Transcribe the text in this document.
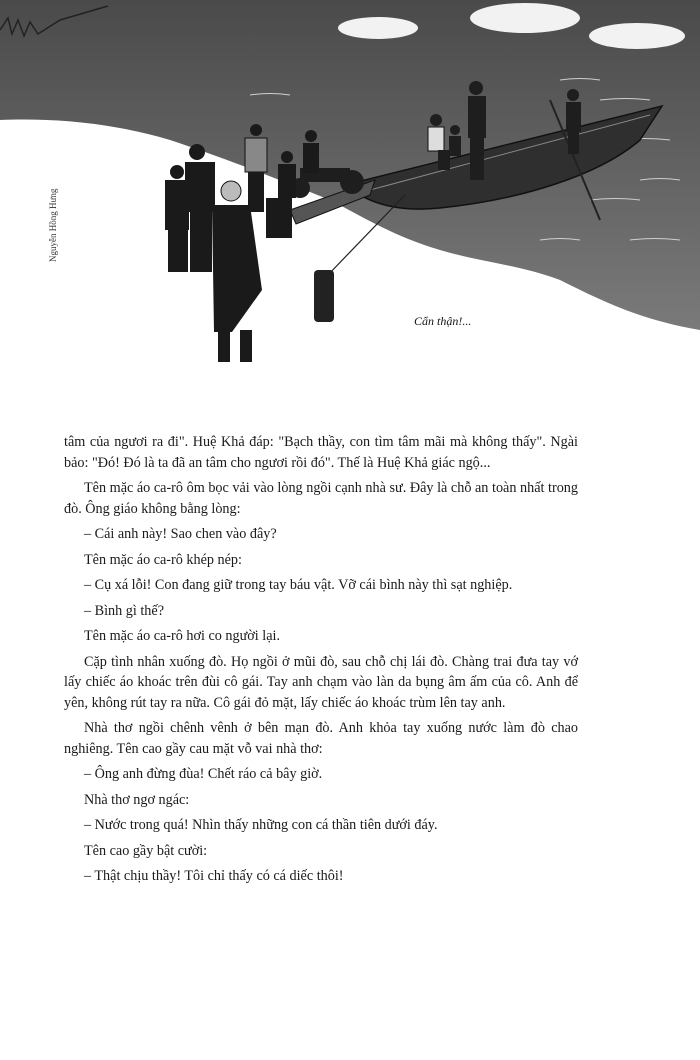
Nguyễn Hồng Hưng
Cẩn thận!...

tâm của ngươi ra đi". Huệ Khả đáp: "Bạch thầy, con tìm tâm mãi mà không thấy". Ngài bảo: "Đó! Đó là ta đã an tâm cho ngươi rồi đó". Thế là Huệ Khả giác ngộ...

Tên mặc áo ca-rô ôm bọc vải vào lòng ngồi cạnh nhà sư. Đây là chỗ an toàn nhất trong đò. Ông giáo không bằng lòng:

– Cái anh này! Sao chen vào đây?

Tên mặc áo ca-rô khép nép:

– Cụ xá lỗi! Con đang giữ trong tay báu vật. Vỡ cái bình này thì sạt nghiệp.

– Bình gì thế?

Tên mặc áo ca-rô hơi co người lại.

Cặp tình nhân xuống đò. Họ ngồi ở mũi đò, sau chỗ chị lái đò. Chàng trai đưa tay vớ lấy chiếc áo khoác trên đùi cô gái. Tay anh chạm vào làn da bụng âm ấm của cô. Anh để yên, không rút tay ra nữa. Cô gái đỏ mặt, lấy chiếc áo khoác trùm lên tay anh.

Nhà thơ ngồi chênh vênh ở bên mạn đò. Anh khỏa tay xuống nước làm đò chao nghiêng. Tên cao gầy cau mặt vỗ vai nhà thơ:

– Ông anh đừng đùa! Chết ráo cả bây giờ.

Nhà thơ ngơ ngác:

– Nước trong quá! Nhìn thấy những con cá thần tiên dưới đáy.

Tên cao gầy bật cười:

– Thật chịu thầy! Tôi chỉ thấy có cá diếc thôi!
